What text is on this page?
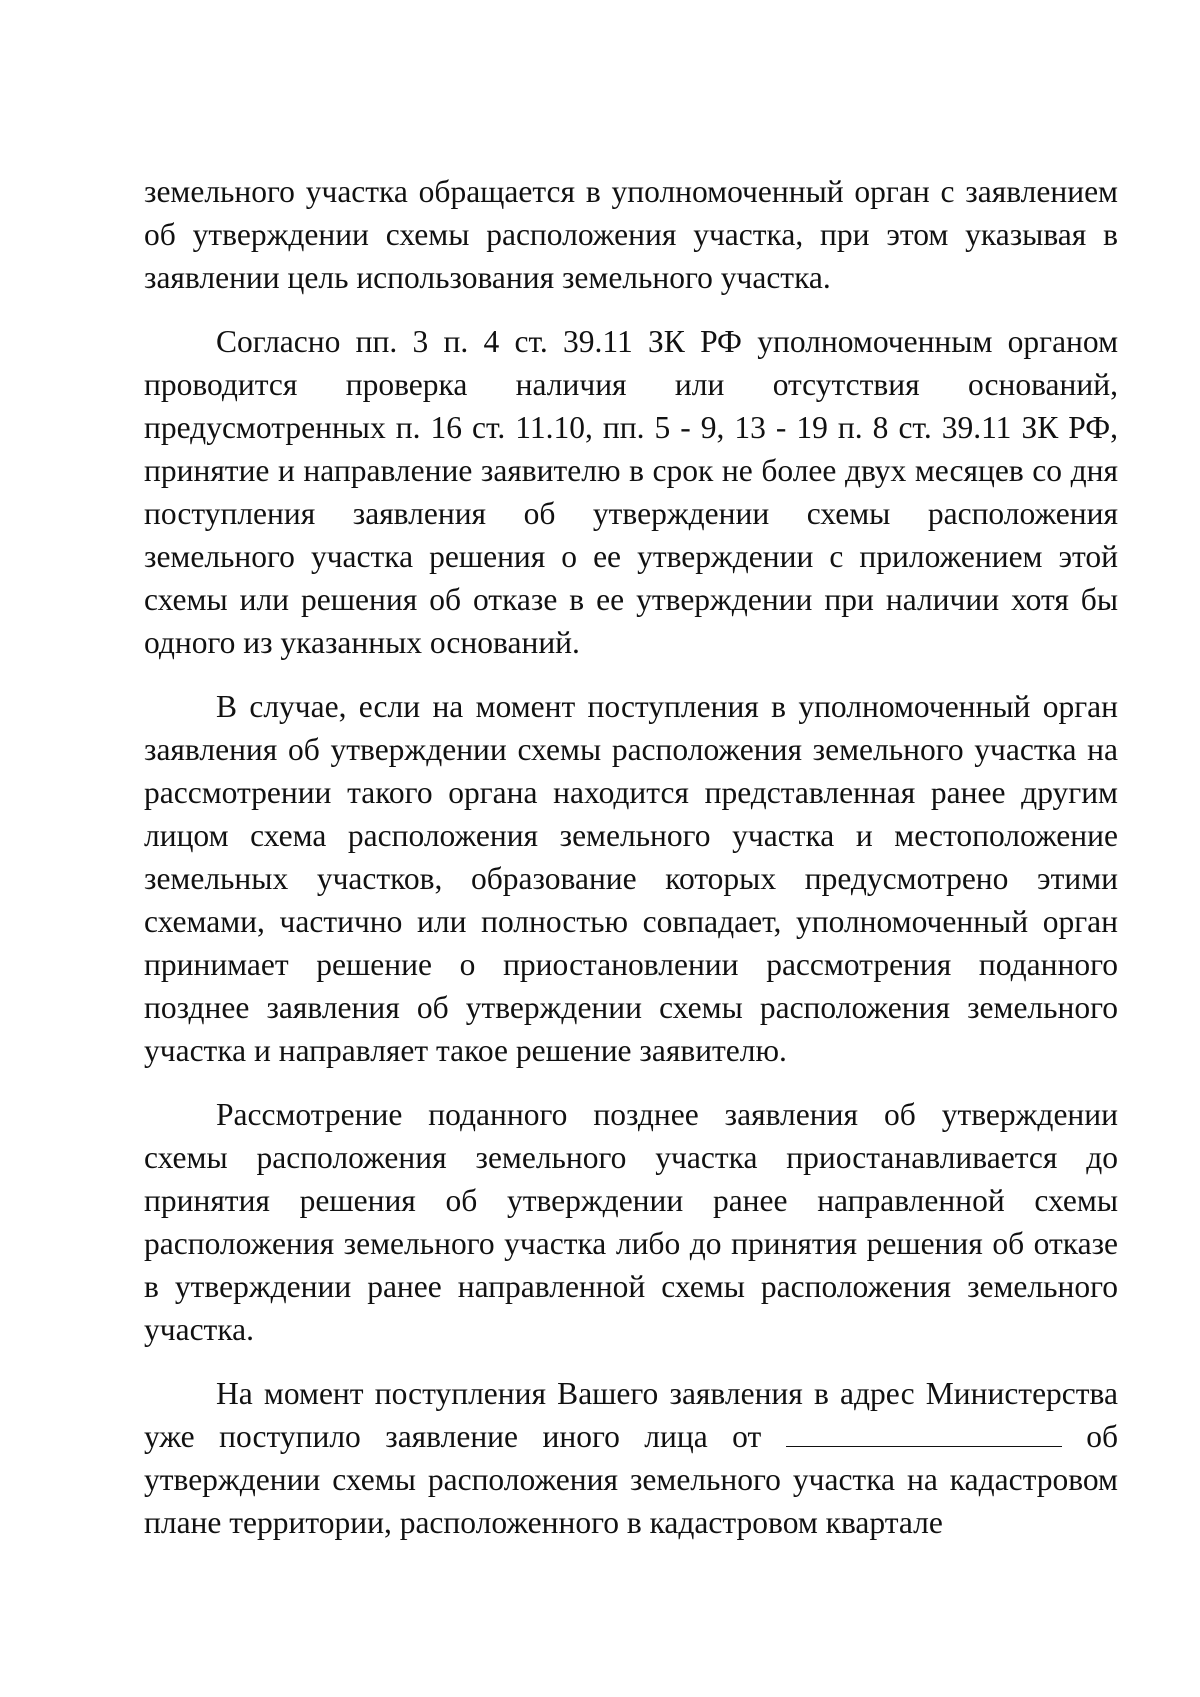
земельного участка обращается в уполномоченный орган с заявлением об утверждении схемы расположения участка, при этом указывая в заявлении цель использования земельного участка.

Согласно пп. 3 п. 4 ст. 39.11 ЗК РФ уполномоченным органом проводится проверка наличия или отсутствия оснований, предусмотренных п. 16 ст. 11.10, пп. 5 - 9, 13 - 19 п. 8 ст. 39.11 ЗК РФ, принятие и направление заявителю в срок не более двух месяцев со дня поступления заявления об утверждении схемы расположения земельного участка решения о ее утверждении с приложением этой схемы или решения об отказе в ее утверждении при наличии хотя бы одного из указанных оснований.

В случае, если на момент поступления в уполномоченный орган заявления об утверждении схемы расположения земельного участка на рассмотрении такого органа находится представленная ранее другим лицом схема расположения земельного участка и местоположение земельных участков, образование которых предусмотрено этими схемами, частично или полностью совпадает, уполномоченный орган принимает решение о приостановлении рассмотрения поданного позднее заявления об утверждении схемы расположения земельного участка и направляет такое решение заявителю.

Рассмотрение поданного позднее заявления об утверждении схемы расположения земельного участка приостанавливается до принятия решения об утверждении ранее направленной схемы расположения земельного участка либо до принятия решения об отказе в утверждении ранее направленной схемы расположения земельного участка.

На момент поступления Вашего заявления в адрес Министерства уже поступило заявление иного лица от	об утверждении схемы расположения земельного участка на кадастровом плане территории, расположенного в кадастровом квартале
